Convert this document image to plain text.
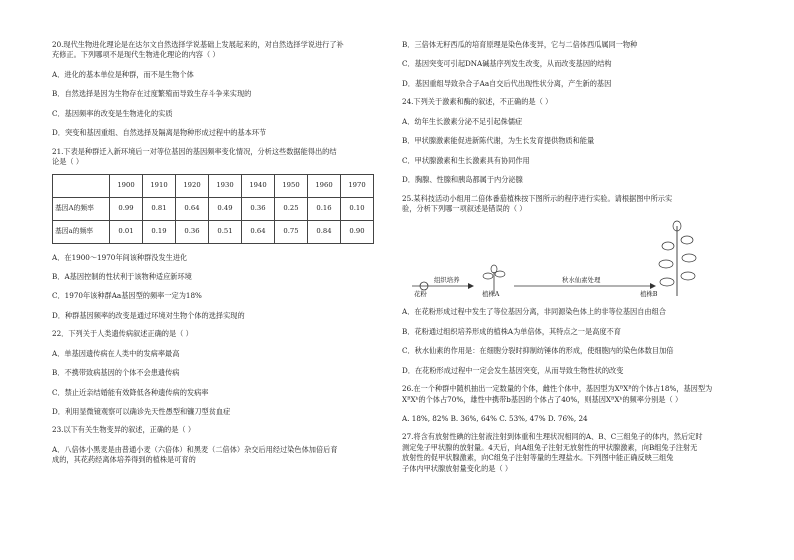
20.现代生物进化理论是在达尔文自然选择学说基础上发展起来的，对自然选择学说进行了补

充修正。下列哪项不是现代生物进化理论的内容（ ）

A．进化的基本单位是种群，而不是生物个体

B．自然选择是因为生物存在过度繁殖而导致生存斗争来实现的

C．基因频率的改变是生物进化的实质

D．突变和基因重组、自然选择及隔离是物种形成过程中的基本环节

21.下表是种群迁入新环境后一对等位基因的基因频率变化情况，分析这些数据能得出的结

论是（ ）

	1900	1910	1920	1930	1940	1950	1960	1970
基因A的频率	0.99	0.81	0.64	0.49	0.36	0.25	0.16	0.10
基因a的频率	0.01	0.19	0.36	0.51	0.64	0.75	0.84	0.90

A．在1900～1970年间该种群没发生进化

B．A基因控制的性状利于该物种适应新环境

C．1970年该种群Aa基因型的频率一定为18%

D．种群基因频率的改变是通过环境对生物个体的选择实现的

22．下列关于人类遗传病叙述正确的是（ ）

A．单基因遗传病在人类中的发病率最高

B．不携带致病基因的个体不会患遗传病

C．禁止近亲结婚能有效降低各种遗传病的发病率

D．利用显微镜观察可以确诊先天性愚型和镰刀型贫血症

23.以下有关生物变异的叙述，正确的是（ ）

A．八倍体小黑麦是由普通小麦（六倍体）和黑麦（二倍体）杂交后用经过染色体加倍后育

成的，其花药经离体培养得到的植株是可育的

B．三倍体无籽西瓜的培育原理是染色体变异，它与二倍体西瓜属同一物种

C．基因突变可引起DNA碱基序列发生改变，从而改变基因的结构

D．基因重组导致杂合子Aa自交后代出现性状分离，产生新的基因

24.下列关于激素和酶的叙述，不正确的是（ ）

A．幼年生长激素分泌不足引起侏儒症

B．甲状腺激素能促进新陈代谢，为生长发育提供物质和能量

C．甲状腺激素和生长激素具有协同作用

D．胸腺、性腺和胰岛都属于内分泌腺

25.某科技活动小组用二倍体番茄植株按下图所示的程序进行实验。请根据图中所示实

验，分析下列哪一项叙述是错误的（ ）

花粉
组织培养
植株A
秋水仙素处理
植株B

A．在花粉形成过程中发生了等位基因分离，非同源染色体上的非等位基因自由组合

B．花粉通过组织培养形成的植株A为单倍体，其特点之一是高度不育

C．秋水仙素的作用是：在细胞分裂时抑制纺锤体的形成，使细胞内的染色体数目加倍

D．在花粉形成过程中一定会发生基因突变，从而导致生物性状的改变

26.在一个种群中随机抽出一定数量的个体，雌性个体中，基因型为XᴮXᴮ的个体占18%，基因型为

XᴮXᵇ的个体占70%，雄性中携带b基因的个体占了40%，则基因XᴮXᵇ的频率分别是（ ）

A. 18%, 82% B. 36%, 64% C. 53%, 47% D. 76%, 24

27.将含有放射性碘的注射液注射到体重和生理状况相同的A、B、C三组兔子的体内，然后定时

测定兔子甲状腺的放射量。4天后，向A组兔子注射无放射性的甲状腺激素，向B组兔子注射无

放射性的促甲状腺激素，向C组兔子注射等量的生理盐水。下列图中能正确反映三组兔

子体内甲状腺放射量变化的是（ ）
